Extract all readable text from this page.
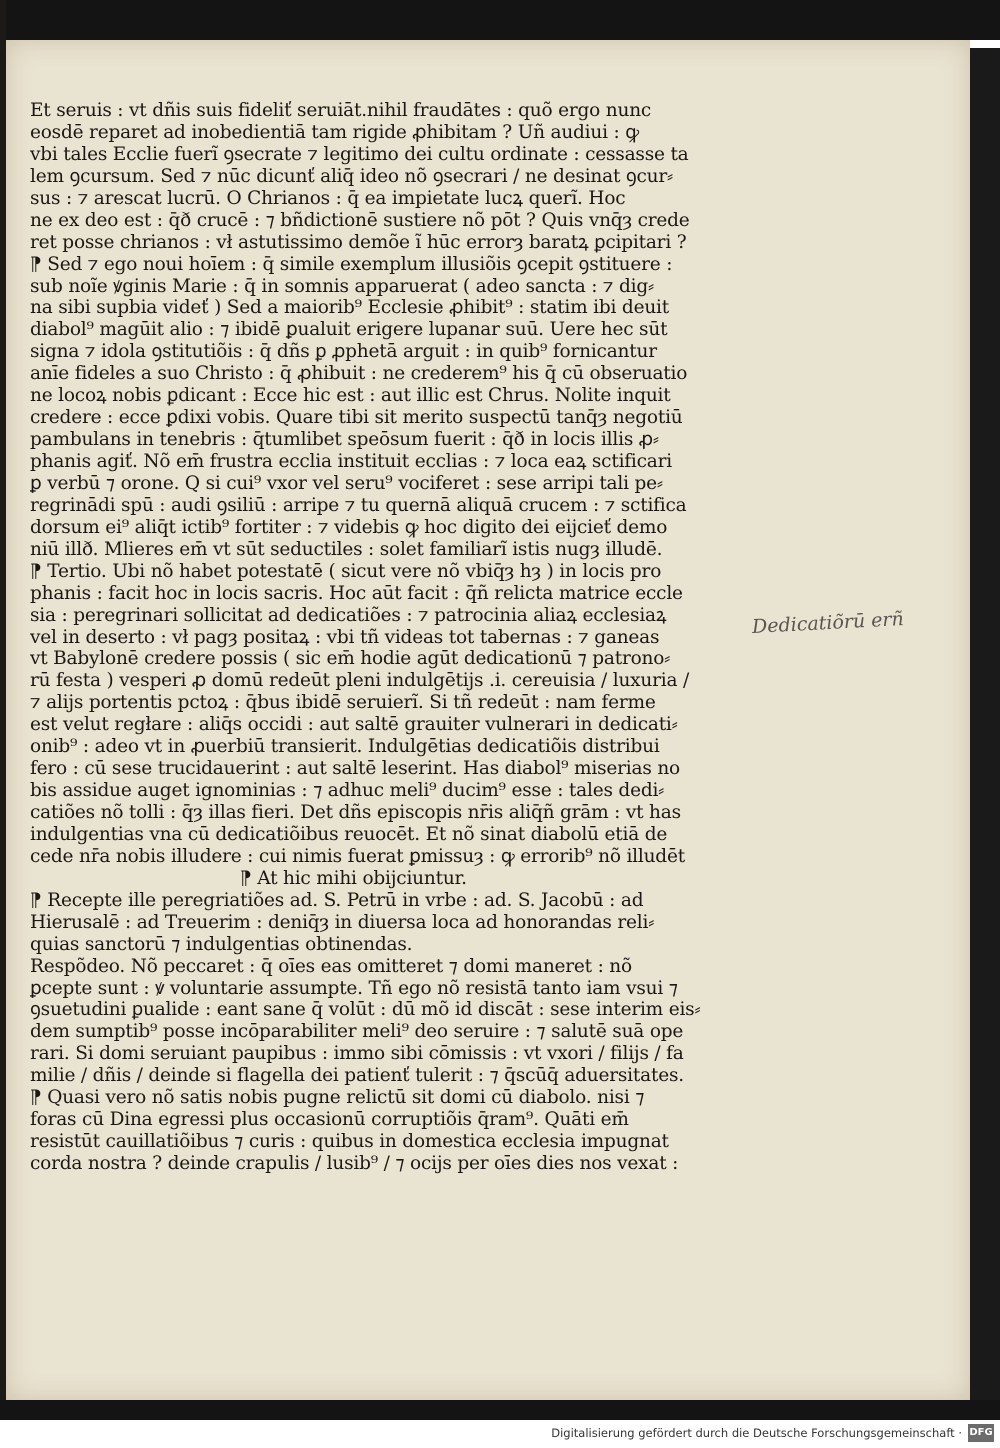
Et seruis : vt dñis suis fideliť seruiāt.nihil fraudātes : quõ ergo nunc
eosdē reparet ad inobedientiā tam rigide ꝓhibitam ? Uñ audiui : ꝙ
vbi tales Ecclie fuerĩ ꝯsecrate ⁊ legitimo dei cultu ordinate : cessasse ta
lem ꝯcursum. Sed ⁊ nūc dicunť aliq̄ ideo nõ ꝯsecrari / ne desinat ꝯcur⸗
sus : ⁊ arescat lucrū. O Chrianos : q̄ ea impietate lucꝝ querĩ. Hoc
ne ex deo est : q̄ð crucē : ⁊ bñdictionē sustiere nõ pōt ? Quis vnq̄ȝ crede
ret posse chrianos : vł astutissimo demõe ĩ hūc errorȝ baratꝝ ꝑcipitari ?
⁋ Sed ⁊ ego noui hoīem : q̄ simile exemplum illusiõis ꝯcepit ꝯstituere :
sub noĩe ꝟginis Marie : q̄ in somnis apparuerat ( adeo sancta : ⁊ dig⸗
na sibi supbia videť ) Sed a maiorib⁹ Ecclesie ꝓhibit⁹ : statim ibi deuit
diabol⁹ magūit alio : ⁊ ibidē ꝑualuit erigere lupanar suū. Uere hec sūt
signa ⁊ idola ꝯstitutiõis : q̄ dñs ꝑ ꝓphetā arguit : in quib⁹ fornicantur
anīe fideles a suo Christo : q̄ ꝓhibuit : ne crederem⁹ his q̄ cū obseruatio
ne locoꝝ nobis ꝑdicant : Ecce hic est : aut illic est Chrus. Nolite inquit
credere : ecce ꝑdixi vobis. Quare tibi sit merito suspectū tanq̄ȝ negotiū
pambulans in tenebris : q̄tumlibet speōsum fuerit : q̄ð in locis illis ꝓ⸗
phanis agiť. Nõ em̄ frustra ecclia instituit ecclias : ⁊ loca eaꝝ sctificari
ꝑ verbū ⁊ orone. Q si cui⁹ vxor vel seru⁹ vociferet : sese arripi tali pe⸗
regrinādi spū : audi ꝯsiliū : arripe ⁊ tu quernā aliquā crucem : ⁊ sctifica
dorsum ei⁹ aliq̄t ictib⁹ fortiter : ⁊ videbis ꝙ hoc digito dei eijcieť demo
niū illð. Mlieres em̄ vt sūt seductiles : solet familiarĩ istis nugȝ illudē.
⁋ Tertio. Ubi nõ habet potestatē ( sicut vere nõ vbiq̄ȝ hȝ ) in locis pro
phanis : facit hoc in locis sacris. Hoc aūt facit : q̄ñ relicta matrice eccle
sia : peregrinari sollicitat ad dedicatiões : ⁊ patrocinia aliaꝝ ecclesiaꝝ
vel in deserto : vł pagȝ positaꝝ : vbi tñ videas tot tabernas : ⁊ ganeas
vt Babylonē credere possis ( sic em̄ hodie agūt dedicationū ⁊ patrono⸗
rū festa ) vesperi ꝓ domū redeūt pleni indulgētijs .i. cereuisia / luxuria /
⁊ alijs portentis pctoꝝ : q̄bus ibidē seruierĩ. Si tñ redeūt : nam ferme
est velut regłare : aliq̄s occidi : aut saltē grauiter vulnerari in dedicati⸗
onib⁹ : adeo vt in ꝓuerbiū transierit. Indulgētias dedicatiõis distribui
fero : cū sese trucidauerint : aut saltē leserint. Has diabol⁹ miserias no
bis assidue auget ignominias : ⁊ adhuc meli⁹ ducim⁹ esse : tales dedi⸗
catiões nõ tolli : q̄ȝ illas fieri. Det dñs episcopis nr̄is aliq̄ñ grām : vt has
indulgentias vna cū dedicatiõibus reuocēt. Et nõ sinat diabolū etiā de
cede nr̄a nobis illudere : cui nimis fuerat ꝑmissuȝ : ꝙ errorib⁹ nõ illudēt
⁋ At hic mihi obijciuntur.
⁋ Recepte ille peregriatiões ad. S. Petrū in vrbe : ad. S. Jacobū : ad
Hierusalē : ad Treuerim : deniq̄ȝ in diuersa loca ad honorandas reli⸗
quias sanctorū ⁊ indulgentias obtinendas.
Respõdeo. Nõ peccaret : q̄ oīes eas omitteret ⁊ domi maneret : nõ
ꝑcepte sunt : ꝟ voluntarie assumpte. Tñ ego nõ resistā tanto iam vsui ⁊
ꝯsuetudini ꝑualide : eant sane q̄ volūt : dū mõ id discāt : sese interim eis⸗
dem sumptib⁹ posse incōparabiliter meli⁹ deo seruire : ⁊ salutē suā ope
rari. Si domi seruiant paupibus : immo sibi cōmissis : vt vxori / filijs / fa
milie / dñis / deinde si flagella dei patienť tulerit : ⁊ q̄scūq̄ aduersitates.
⁋ Quasi vero nõ satis nobis pugne relictū sit domi cū diabolo. nisi ⁊
foras cū Dina egressi plus occasionū corruptiõis q̄ram⁹. Quāti em̄
resistūt cauillatiõibus ⁊ curis : quibus in domestica ecclesia impugnat
corda nostra ? deinde crapulis / lusib⁹ / ⁊ ocijs per oīes dies nos vexat :
Dedicatiõrū erñ
Digitalisierung gefördert durch die Deutsche Forschungsgemeinschaft · DFG
